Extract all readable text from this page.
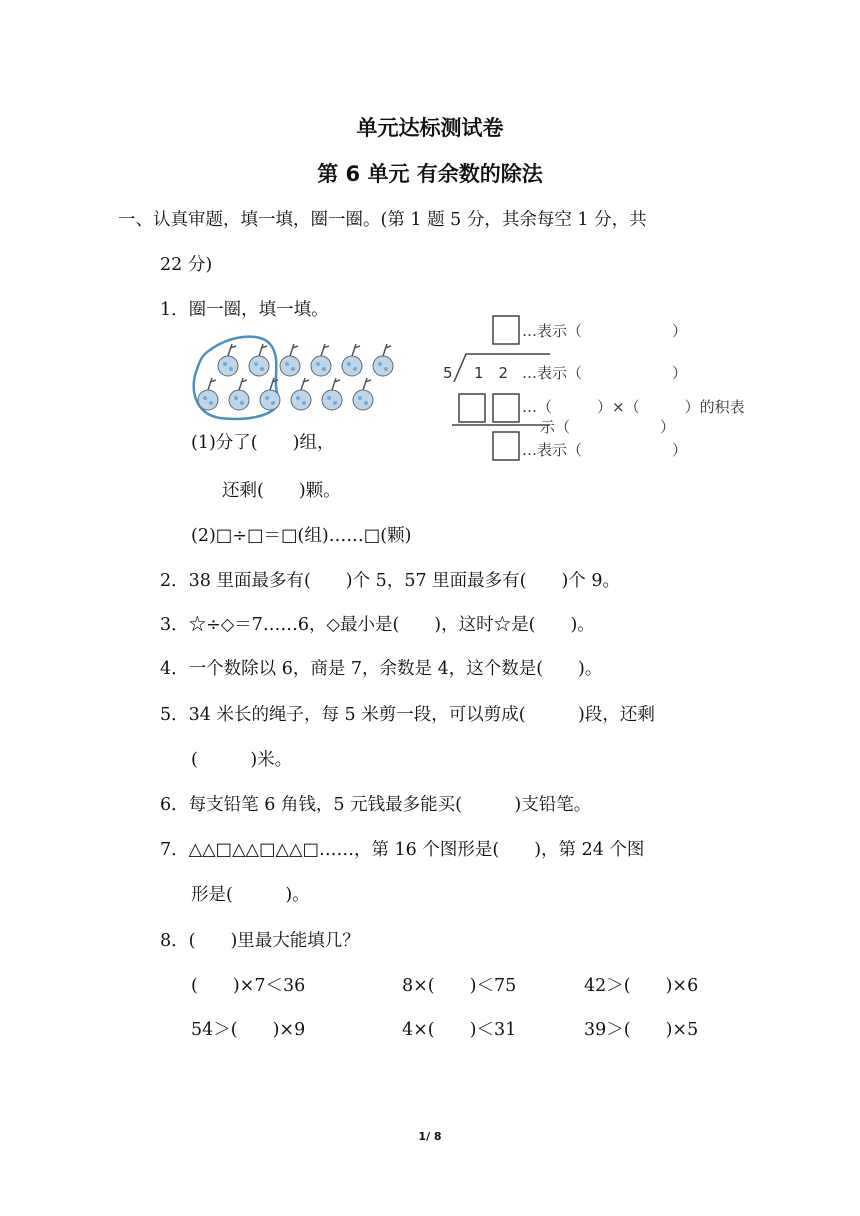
单元达标测试卷
第 6 单元 有余数的除法
一、认真审题，填一填，圈一圈。(第 1 题 5 分，其余每空 1 分，共
22 分)
1．圈一圈，填一填。
(1)分了(　　)组，
还剩(　　)颗。
(2)□÷□＝□(组)……□(颗)
…表示（　　　　　　）
5 1　2 …表示（　　　　　　）
…（　　　）×（　　　）的积表
示（　　　　　　）
…表示（　　　　　　）
2．38 里面最多有(　　)个 5，57 里面最多有(　　)个 9。
3．☆÷◇＝7……6，◇最小是(　　)，这时☆是(　　)。
4．一个数除以 6，商是 7，余数是 4，这个数是(　　)。
5．34 米长的绳子，每 5 米剪一段，可以剪成(　　　)段，还剩
(　　　)米。
6．每支铅笔 6 角钱，5 元钱最多能买(　　　)支铅笔。
7．△△□△△□△△□……，第 16 个图形是(　　)，第 24 个图
形是(　　　)。
8．(　　)里最大能填几？
(　　)×7＜36	8×(　　)＜75	42＞(　　)×6
54＞(　　)×9	4×(　　)＜31	39＞(　　)×5
1/ 8
